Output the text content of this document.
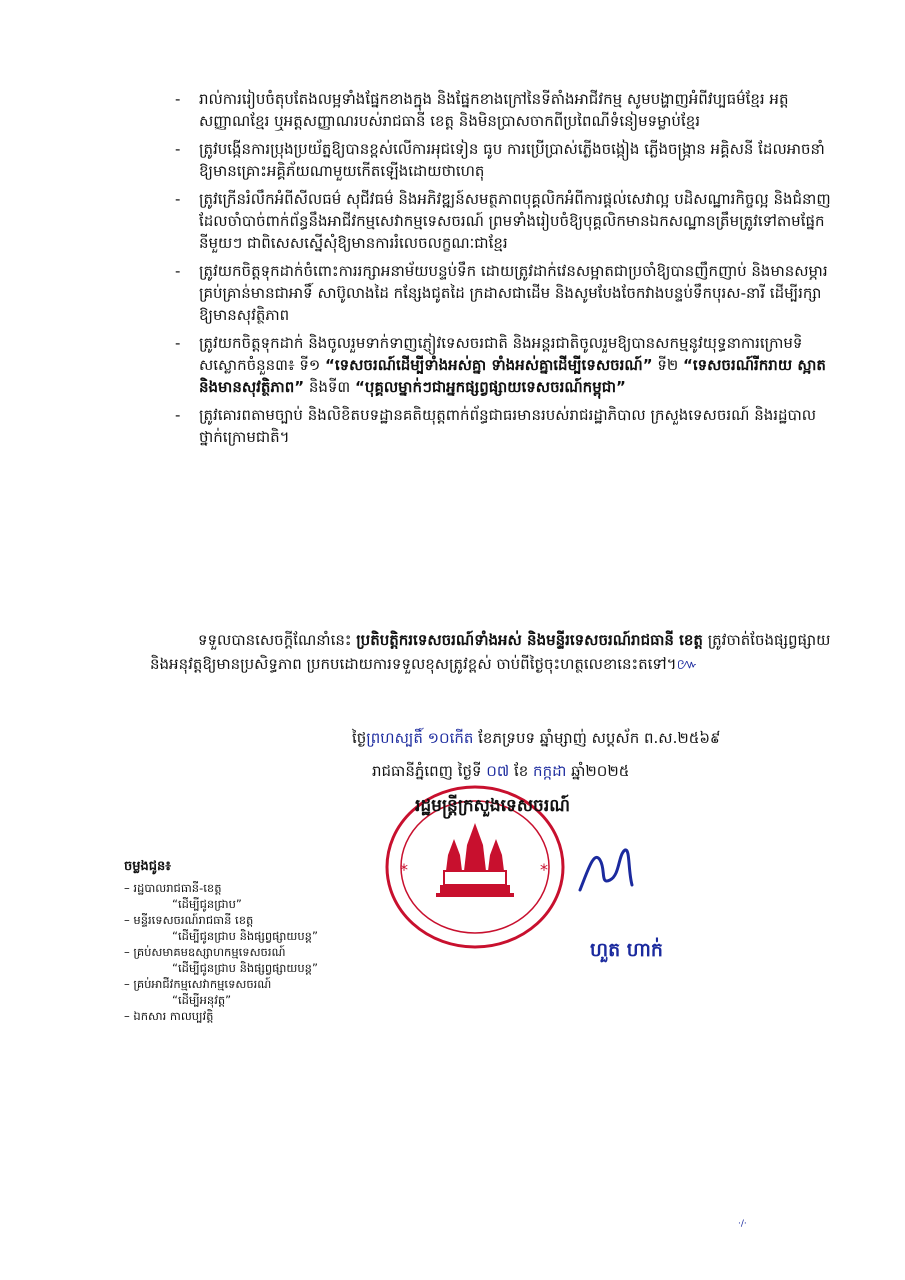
- រាល់ការរៀបចំតុបតែងលម្អទាំងផ្នែកខាងក្នុង និងផ្នែកខាងក្រៅនៃទីតាំងអាជីវកម្ម សូមបង្ហាញអំពីវប្បធម៌ខ្មែរ អត្តសញ្ញាណខ្មែរ ឬអត្តសញ្ញាណរបស់រាជធានី ខេត្ត និងមិនប្រាសចាកពីប្រពៃណីទំនៀមទម្លាប់ខ្មែរ
- ត្រូវបង្កើនការប្រុងប្រយ័ត្នឱ្យបានខ្ពស់លើការអុជទៀន ធូប ការប្រើប្រាស់ភ្លើងចង្កៀង ភ្លើងចង្ក្រាន អគ្គិសនី ដែលអាចនាំឱ្យមានគ្រោះអគ្គិភ័យណាមួយកើតឡើងដោយថាហេតុ
- ត្រូវក្រើនរំលឹកអំពីសីលធម៌ សុជីវធម៌ និងអភិវឌ្ឍន៍សមត្ថភាពបុគ្គលិកអំពីការផ្តល់សេវាល្អ បដិសណ្ឋារកិច្ចល្អ និងជំនាញដែលចាំបាច់ពាក់ព័ន្ធនឹងអាជីវកម្មសេវាកម្មទេសចរណ៍ ព្រមទាំងរៀបចំឱ្យបុគ្គលិកមានឯកសណ្ឋានត្រឹមត្រូវទៅតាមផ្នែកនីមួយៗ ជាពិសេសស្នើសុំឱ្យមានការរំលេចលក្ខណៈជាខ្មែរ
- ត្រូវយកចិត្តទុកដាក់ចំពោះការរក្សាអនាម័យបន្ទប់ទឹក ដោយត្រូវដាក់វេនសម្អាតជាប្រចាំឱ្យបានញឹកញាប់ និងមានសម្ភារគ្រប់គ្រាន់មានជាអាទិ៍ សាប៊ូលាងដៃ កន្សែងជូតដៃ ក្រដាសជាដើម និងសូមបែងចែកវាងបន្ទប់ទឹកបុរស-នារី ដើម្បីរក្សាឱ្យមានសុវត្ថិភាព
- ត្រូវយកចិត្តទុកដាក់ និងចូលរួមទាក់ទាញភ្ញៀវទេសចរជាតិ និងអន្តរជាតិចូលរួមឱ្យបានសកម្មនូវយុទ្ធនាការក្រោមទិសស្លោកចំនួន៣៖ ទី១ “ទេសចរណ៍ដើម្បីទាំងអស់គ្នា ទាំងអស់គ្នាដើម្បីទេសចរណ៍” ទី២ “ទេសចរណ៍រីករាយ ស្អាត និងមានសុវត្ថិភាព” និងទី៣ “បុគ្គលម្នាក់ៗជាអ្នកផ្សព្វផ្សាយទេសចរណ៍កម្ពុជា”
- ត្រូវគោរពតាមច្បាប់ និងលិខិតបទដ្ឋានគតិយុត្តពាក់ព័ន្ធជាធរមានរបស់រាជរដ្ឋាភិបាល ក្រសួងទេសចរណ៍ និងរដ្ឋបាលថ្នាក់ក្រោមជាតិ។
ទទួលបានសេចក្តីណែនាំនេះ ប្រតិបត្តិករទេសចរណ៍ទាំងអស់ និងមន្ទីរទេសចរណ៍រាជធានី ខេត្ត ត្រូវចាត់ចែងផ្សព្វផ្សាយ និងអនុវត្តឱ្យមានប្រសិទ្ធភាព ប្រកបដោយការទទួលខុសត្រូវខ្ពស់ ចាប់ពីថ្ងៃចុះហត្ថលេខានេះតទៅ។៚
ថ្ងៃព្រហស្បតិ៍ ១០កើត ខែភទ្របទ ឆ្នាំម្សាញ់ សប្តស័ក ព.ស.២៥៦៩
រាជធានីភ្នំពេញ ថ្ងៃទី ០៧ ខែ កក្កដា ឆ្នាំ២០២៥
*	*
រដ្ឋមន្ត្រីក្រសួងទេសចរណ៍
ហួត ហាក់
ចម្លងជូន៖
– រដ្ឋបាលរាជធានី-ខេត្ត
“ដើម្បីជូនជ្រាប”
– មន្ទីរទេសចរណ៍រាជធានី ខេត្ត
“ដើម្បីជូនជ្រាប និងផ្សព្វផ្សាយបន្ត”
– គ្រប់សមាគមឧស្សាហកម្មទេសចរណ៍
“ដើម្បីជូនជ្រាប និងផ្សព្វផ្សាយបន្ត”
– គ្រប់អាជីវកម្មសេវាកម្មទេសចរណ៍
“ដើម្បីអនុវត្ត”
– ឯកសារ កាលប្បវត្តិ
·/·
